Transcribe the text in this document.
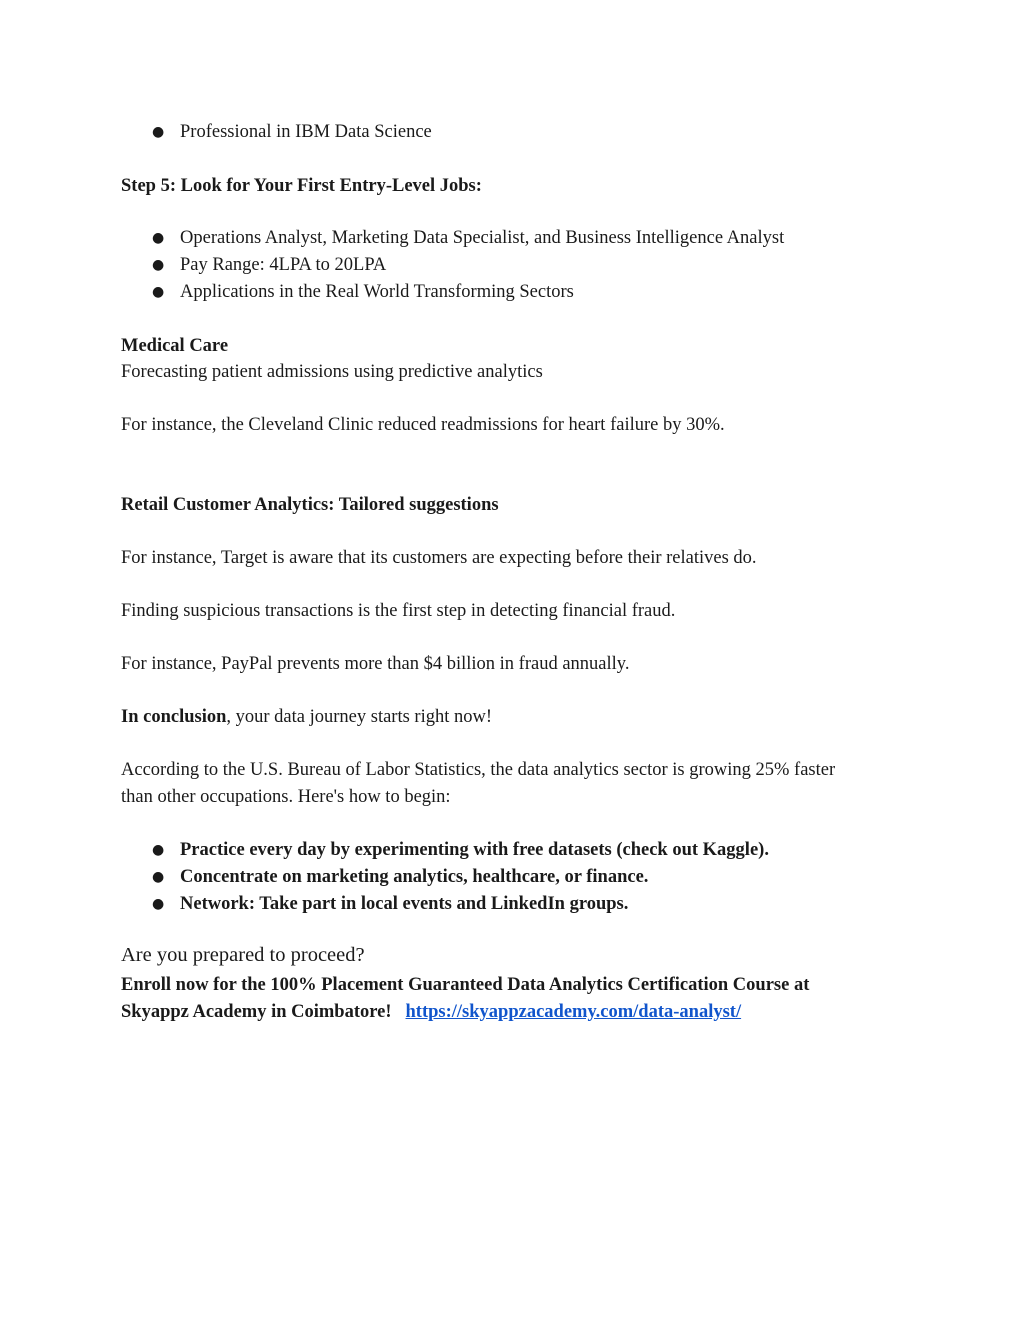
● Professional in IBM Data Science

Step 5: Look for Your First Entry-Level Jobs:

● Operations Analyst, Marketing Data Specialist, and Business Intelligence Analyst

● Pay Range: 4LPA to 20LPA

● Applications in the Real World Transforming Sectors

Medical Care

Forecasting patient admissions using predictive analytics

For instance, the Cleveland Clinic reduced readmissions for heart failure by 30%.

Retail Customer Analytics: Tailored suggestions

For instance, Target is aware that its customers are expecting before their relatives do.

Finding suspicious transactions is the first step in detecting financial fraud.

For instance, PayPal prevents more than $4 billion in fraud annually.

In conclusion, your data journey starts right now!

According to the U.S. Bureau of Labor Statistics, the data analytics sector is growing 25% faster

than other occupations. Here's how to begin:

● Practice every day by experimenting with free datasets (check out Kaggle).

● Concentrate on marketing analytics, healthcare, or finance.

● Network: Take part in local events and LinkedIn groups.

Are you prepared to proceed?

Enroll now for the 100% Placement Guaranteed Data Analytics Certification Course at

Skyappz Academy in Coimbatore! https://skyappzacademy.com/data-analyst/
